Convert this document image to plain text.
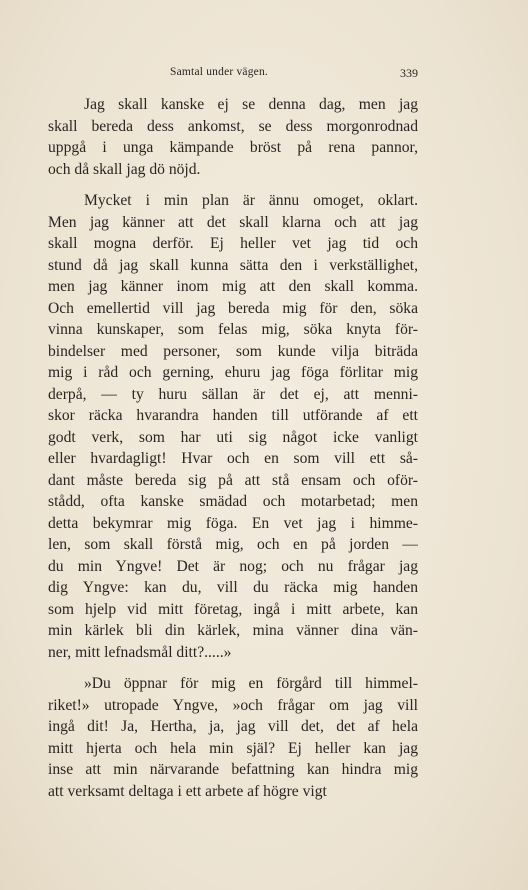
Samtal under vägen.	339
Jag skall kanske ej se denna dag, men jag
skall bereda dess ankomst, se dess morgonrodnad
uppgå i unga kämpande bröst på rena pannor,
och då skall jag dö nöjd.
Mycket i min plan är ännu omoget, oklart.
Men jag känner att det skall klarna och att jag
skall mogna derför. Ej heller vet jag tid och
stund då jag skall kunna sätta den i verkställighet,
men jag känner inom mig att den skall komma.
Och emellertid vill jag bereda mig för den, söka
vinna kunskaper, som felas mig, söka knyta för-
bindelser med personer, som kunde vilja biträda
mig i råd och gerning, ehuru jag föga förlitar mig
derpå, — ty huru sällan är det ej, att menni-
skor räcka hvarandra handen till utförande af ett
godt verk, som har uti sig något icke vanligt
eller hvardagligt! Hvar och en som vill ett så-
dant måste bereda sig på att stå ensam och oför-
stådd, ofta kanske smädad och motarbetad; men
detta bekymrar mig föga. En vet jag i himme-
len, som skall förstå mig, och en på jorden —
du min Yngve! Det är nog; och nu frågar jag
dig Yngve: kan du, vill du räcka mig handen
som hjelp vid mitt företag, ingå i mitt arbete, kan
min kärlek bli din kärlek, mina vänner dina vän-
ner, mitt lefnadsmål ditt?.....»
»Du öppnar för mig en förgård till himmel-
riket!» utropade Yngve, »och frågar om jag vill
ingå dit! Ja, Hertha, ja, jag vill det, det af hela
mitt hjerta och hela min själ? Ej heller kan jag
inse att min närvarande befattning kan hindra mig
att verksamt deltaga i ett arbete af högre vigt
